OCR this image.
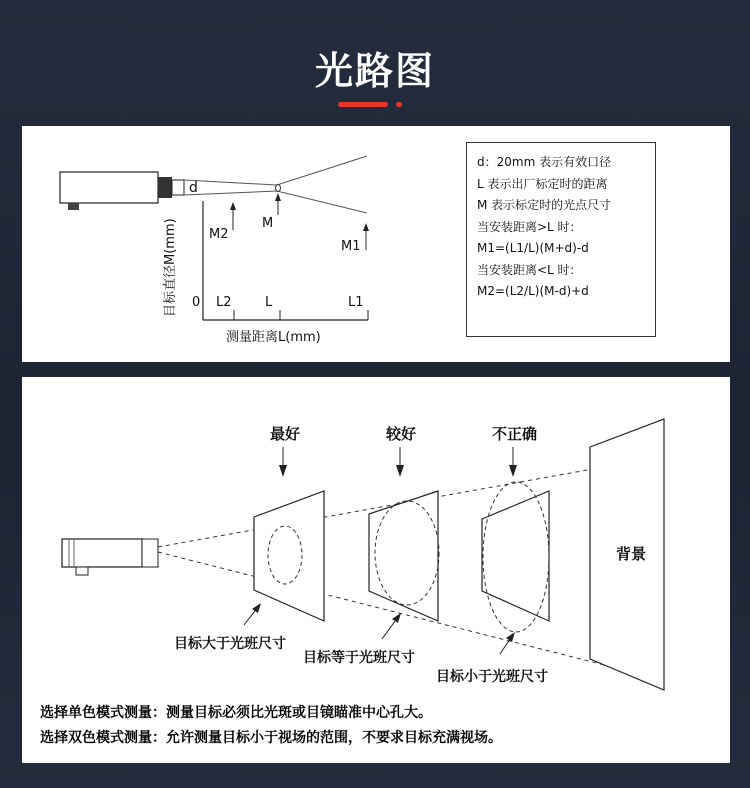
光路图
d
M2
M
M1
0 L2	L	L1
目标直径M(mm)
测量距离L(mm)
d：20mm 表示有效口径
L 表示出厂标定时的距离
M 表示标定时的光点尺寸
当安装距离>L 时：
M1=(L1/L)(M+d)-d
当安装距离<L 时：
M2=(L2/L)(M-d)+d
背景
最好	较好	不正确
目标大于光班尺寸
目标等于光班尺寸
目标小于光班尺寸
选择单色模式测量：测量目标必须比光斑或目镜瞄准中心孔大。
选择双色模式测量：允许测量目标小于视场的范围，不要求目标充满视场。
